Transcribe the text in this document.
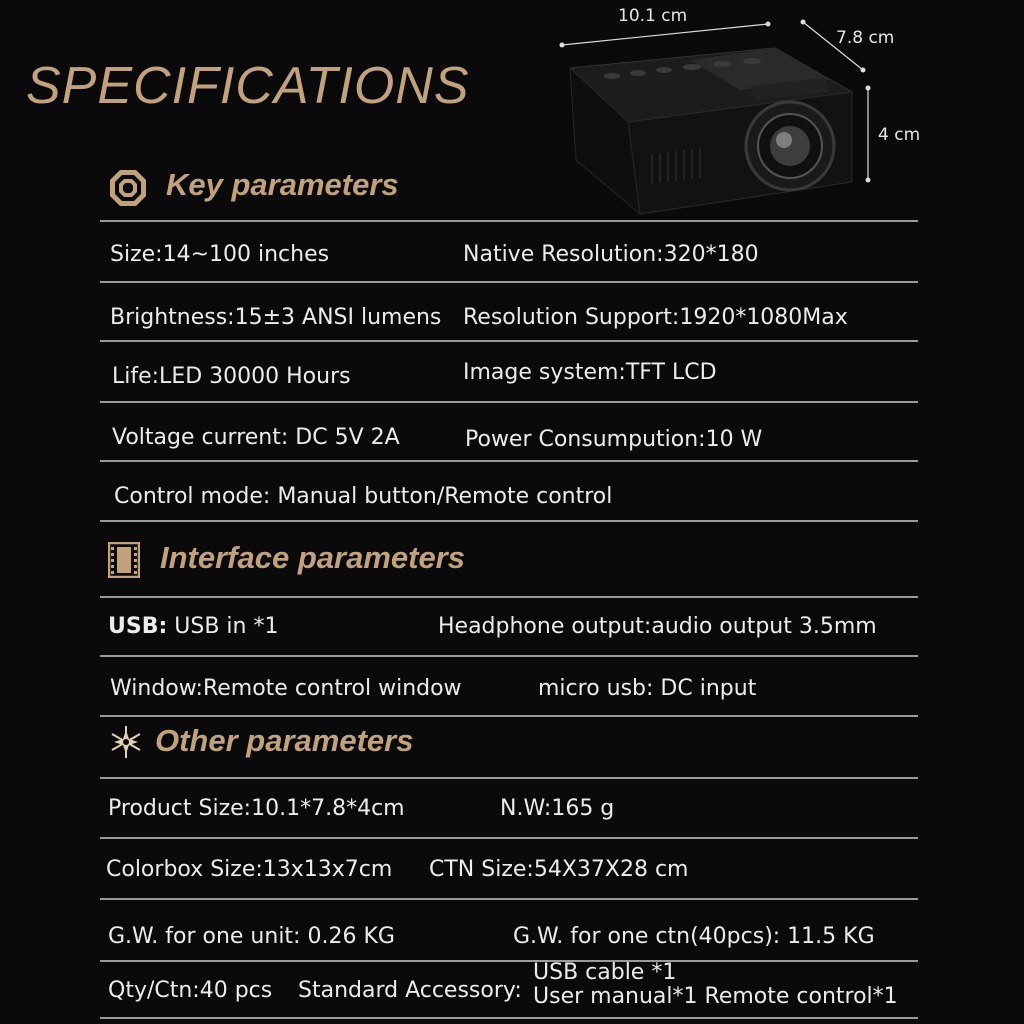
SPECIFICATIONS
10.1 cm
7.8 cm
4 cm
Key parameters
Size:14~100 inches	Native Resolution:320*180
Brightness:15±3 ANSI lumens Resolution Support:1920*1080Max
Life:LED 30000 Hours	Image system:TFT LCD
Voltage current: DC 5V 2A	Power Consumpution:10 W
Control mode: Manual button/Remote control
Interface parameters
USB: USB in *1	Headphone output:audio output 3.5mm
Window:Remote control window	micro usb: DC input
Other parameters
Product Size:10.1*7.8*4cm	N.W:165 g
Colorbox Size:13x13x7cm CTN Size:54X37X28 cm
G.W. for one unit: 0.26 KG	G.W. for one ctn(40pcs): 11.5 KG
Qty/Ctn:40 pcs Standard Accessory:
USB cable *1
User manual*1 Remote control*1
